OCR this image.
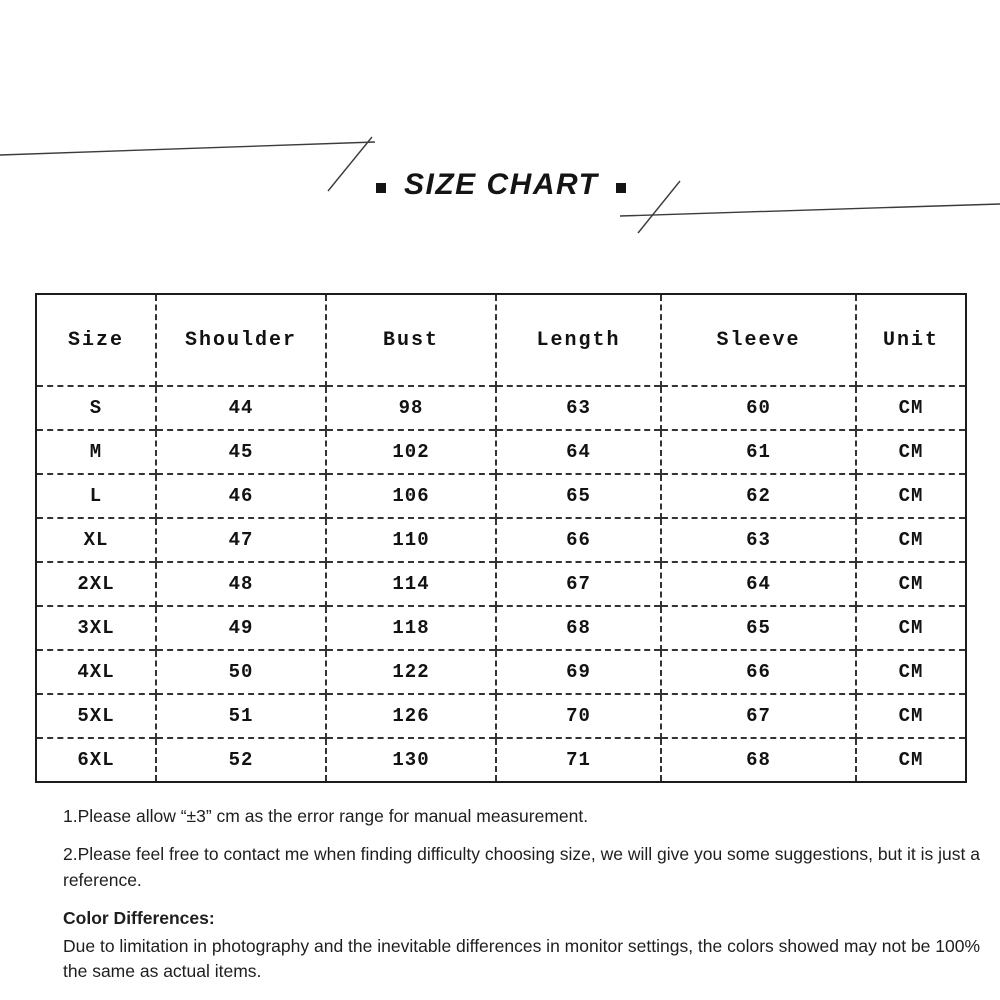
SIZE CHART
Size	Shoulder	Bust	Length	Sleeve	Unit
S	44	98	63	60	CM
M	45	102	64	61	CM
L	46	106	65	62	CM
XL	47	110	66	63	CM
2XL	48	114	67	64	CM
3XL	49	118	68	65	CM
4XL	50	122	69	66	CM
5XL	51	126	70	67	CM
6XL	52	130	71	68	CM

1.Please allow “±3” cm as the error range for manual measurement.

2.Please feel free to contact me when finding difficulty choosing size, we will give you some suggestions, but it is just a reference.

Color Differences:

Due to limitation in photography and the inevitable differences in monitor settings, the colors showed may not be 100% the same as actual items.
